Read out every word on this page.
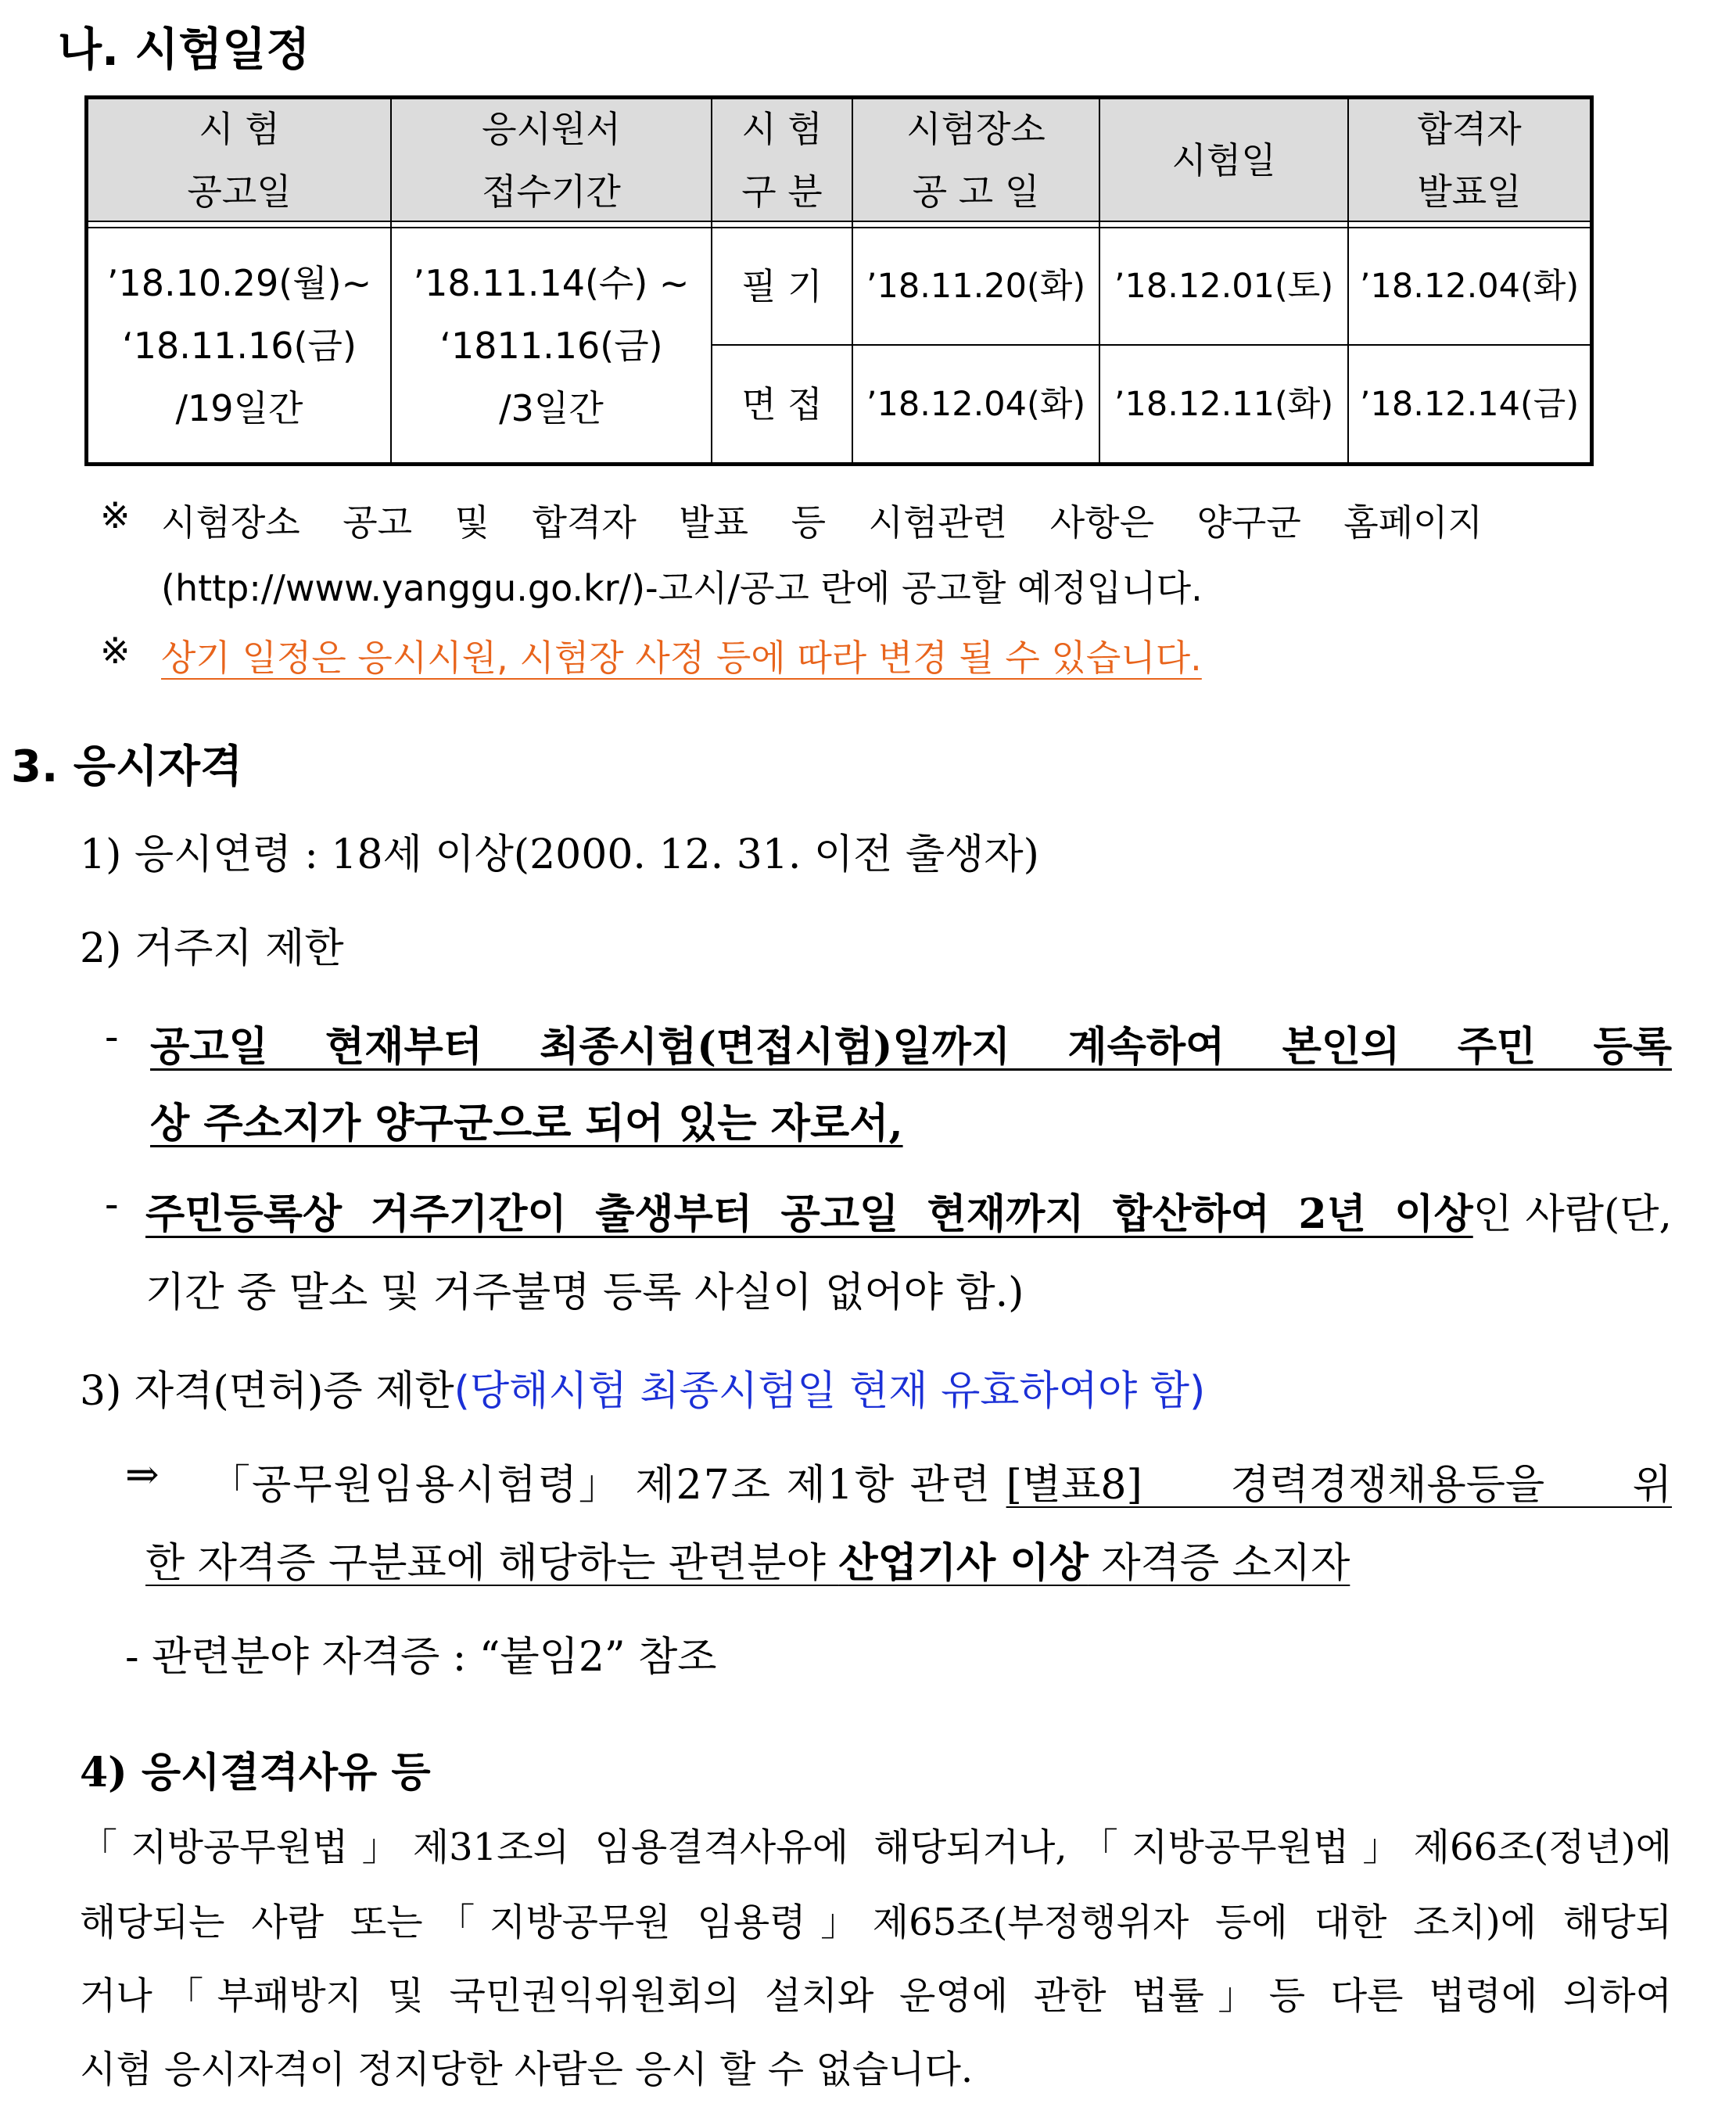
나. 시험일정
시 험
공고일
응시원서
접수기간
시 험
구 분
시험장소
공 고 일
시험일
합격자
발표일
’18.10.29(월)~
‘18.11.16(금)
/19일간
’18.11.14(수) ~
‘1811.16(금)
/3일간
필 기 ’18.11.20(화) ’18.12.01(토) ’18.12.04(화)
면 접 ’18.12.04(화) ’18.12.11(화) ’18.12.14(금)
※ 시험장소 공고 및 합격자 발표 등 시험관련 사항은 양구군 홈페이지
(http://www.yanggu.go.kr/)-고시/공고 란에 공고할 예정입니다.
※ 상기 일정은 응시시원, 시험장 사정 등에 따라 변경 될 수 있습니다.
3. 응시자격
1) 응시연령 : 18세 이상(2000. 12. 31. 이전 출생자)
2) 거주지 제한
- 공고일 현재부터 최종시험(면접시험)일까지 계속하여 본인의 주민 등록
상 주소지가 양구군으로 되어 있는 자로서,
- 주민등록상 거주기간이 출생부터 공고일 현재까지 합산하여 2년 이상 인 사람(단,
기간 중 말소 및 거주불명 등록 사실이 없어야 함.)
3) 자격(면허)증 제한(당해시험 최종시험일 현재 유효하여야 함)
⇒ 「공무원임용시험령」 제27조 제1항 관련 [별표8] 경력경쟁채용등을 위
한 자격증 구분표에 해당하는 관련분야 산업기사 이상 자격증 소지자
- 관련분야 자격증 : “붙임2” 참조
4) 응시결격사유 등
「지방공무원법」제31조의 임용결격사유에 해당되거나,「지방공무원법」제66조(정년)에
해당되는 사람 또는「지방공무원 임용령」제65조(부정행위자 등에 대한 조치)에 해당되
거나「부패방지 및 국민권익위원회의 설치와 운영에 관한 법률」등 다른 법령에 의하여
시험 응시자격이 정지당한 사람은 응시 할 수 없습니다.
